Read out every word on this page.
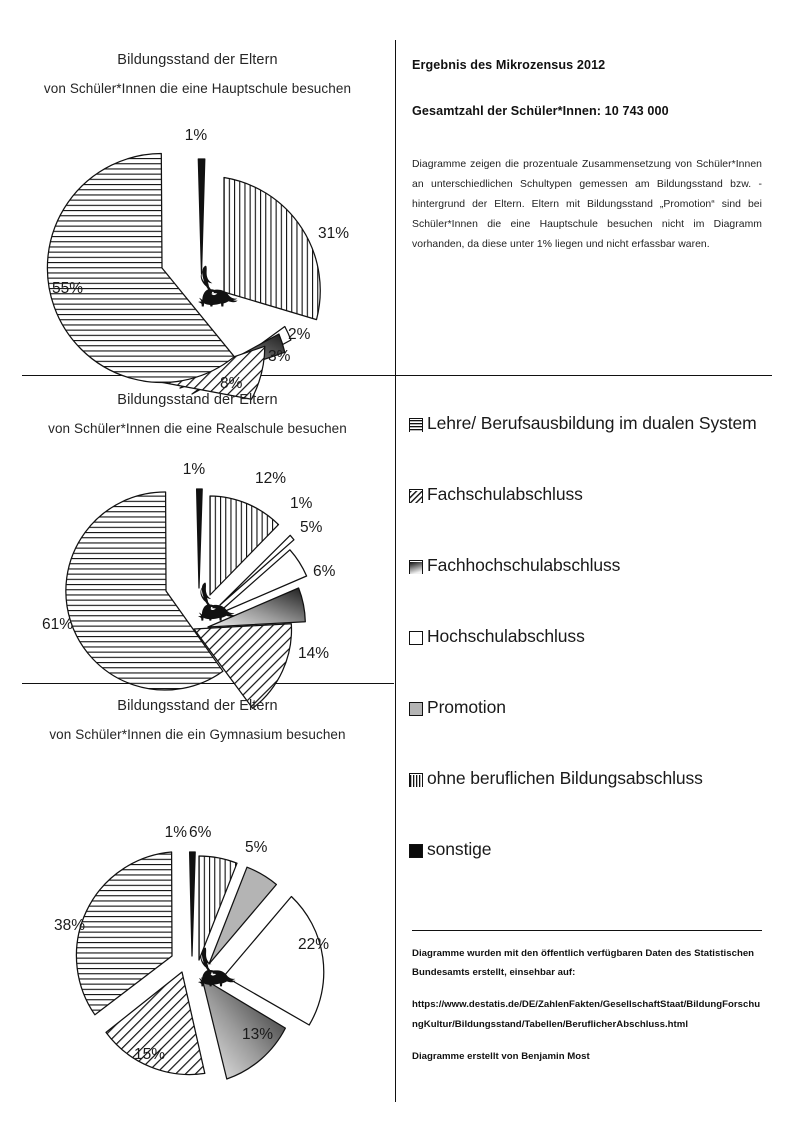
Bildungsstand der Eltern
von Schüler*Innen die eine Hauptschule besuchen
1%
31%
2%
3%
8%
55%
Bildungsstand der Eltern
von Schüler*Innen die eine Realschule besuchen
1%
12%
1%
5%
6%
14%
61%
Bildungsstand der Eltern
von Schüler*Innen die ein Gymnasium besuchen
1% 6%
5%
22%
13%
15%
38%
Ergebnis des Mikrozensus 2012
Gesamtzahl der Schüler*Innen: 10 743 000
Diagramme zeigen die prozentuale Zusammensetzung von Schüler*Innen an unterschiedlichen Schultypen gemessen am Bildungsstand bzw. -hintergrund der Eltern. Eltern mit Bildungsstand „Promotion“ sind bei Schüler*Innen die eine Hauptschule besuchen nicht im Diagramm vorhanden, da diese unter 1% liegen und nicht erfassbar waren.
Lehre/ Berufsausbildung im dualen System
Fachschulabschluss
Fachhochschulabschluss
Hochschulabschluss
Promotion
ohne beruflichen Bildungsabschluss
sonstige
Diagramme wurden mit den öffentlich verfügbaren Daten des Statistischen Bundesamts erstellt, einsehbar auf:
https://www.destatis.de/DE/ZahlenFakten/GesellschaftStaat/BildungForschungKultur/Bildungsstand/Tabellen/BeruflicherAbschluss.html
Diagramme erstellt von Benjamin Most
